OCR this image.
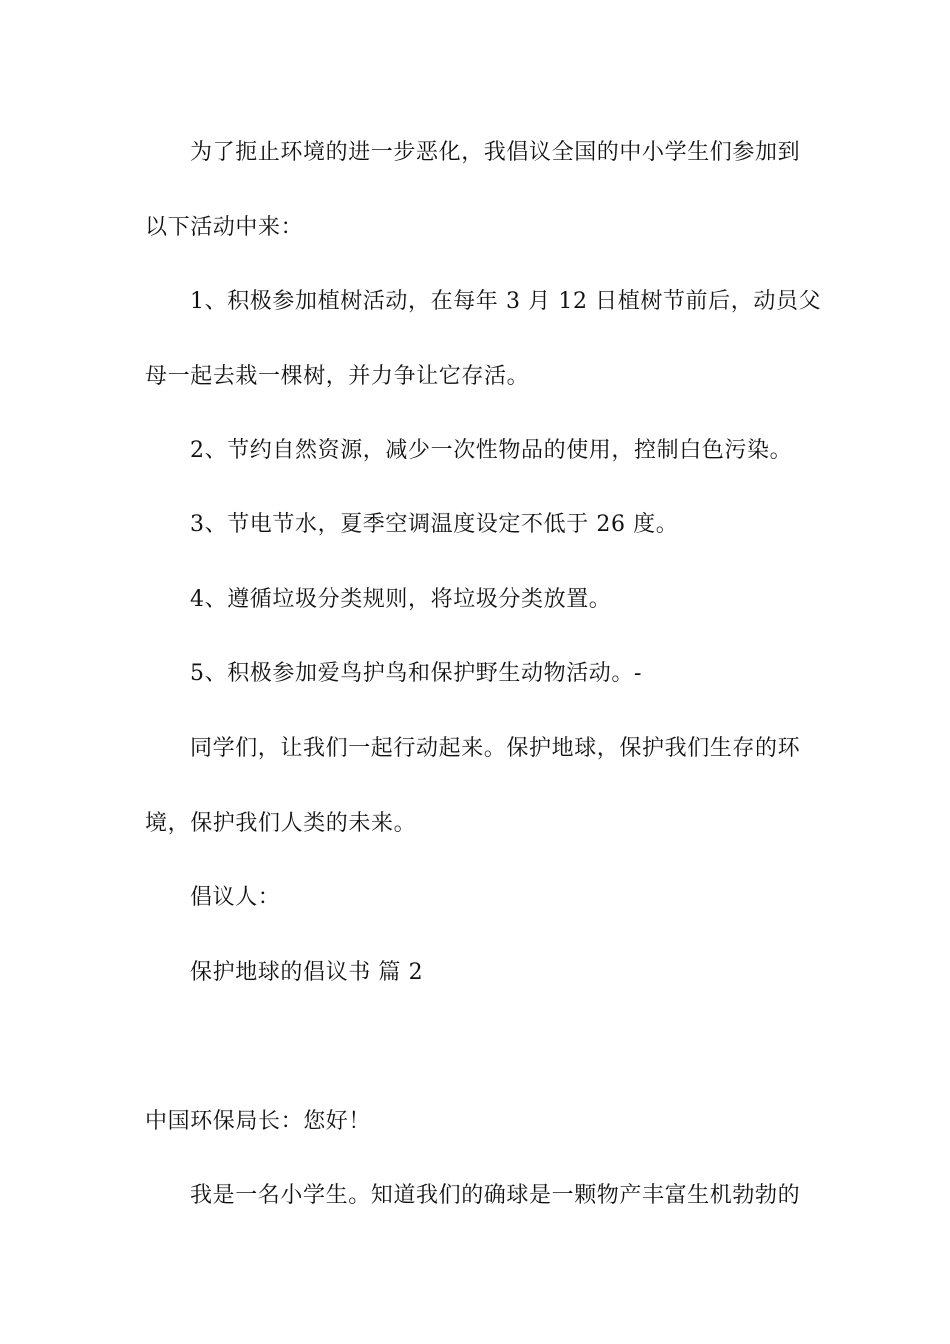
为了扼止环境的进一步恶化，我倡议全国的中小学生们参加到
以下活动中来：
1、积极参加植树活动，在每年 3 月 12 日植树节前后，动员父
母一起去栽一棵树，并力争让它存活。
2、节约自然资源，减少一次性物品的使用，控制白色污染。
3、节电节水，夏季空调温度设定不低于 26 度。
4、遵循垃圾分类规则，将垃圾分类放置。
5、积极参加爱鸟护鸟和保护野生动物活动。-
同学们，让我们一起行动起来。保护地球，保护我们生存的环
境，保护我们人类的未来。
倡议人：
保护地球的倡议书 篇 2
中国环保局长：您好！
我是一名小学生。知道我们的确球是一颗物产丰富生机勃勃的
